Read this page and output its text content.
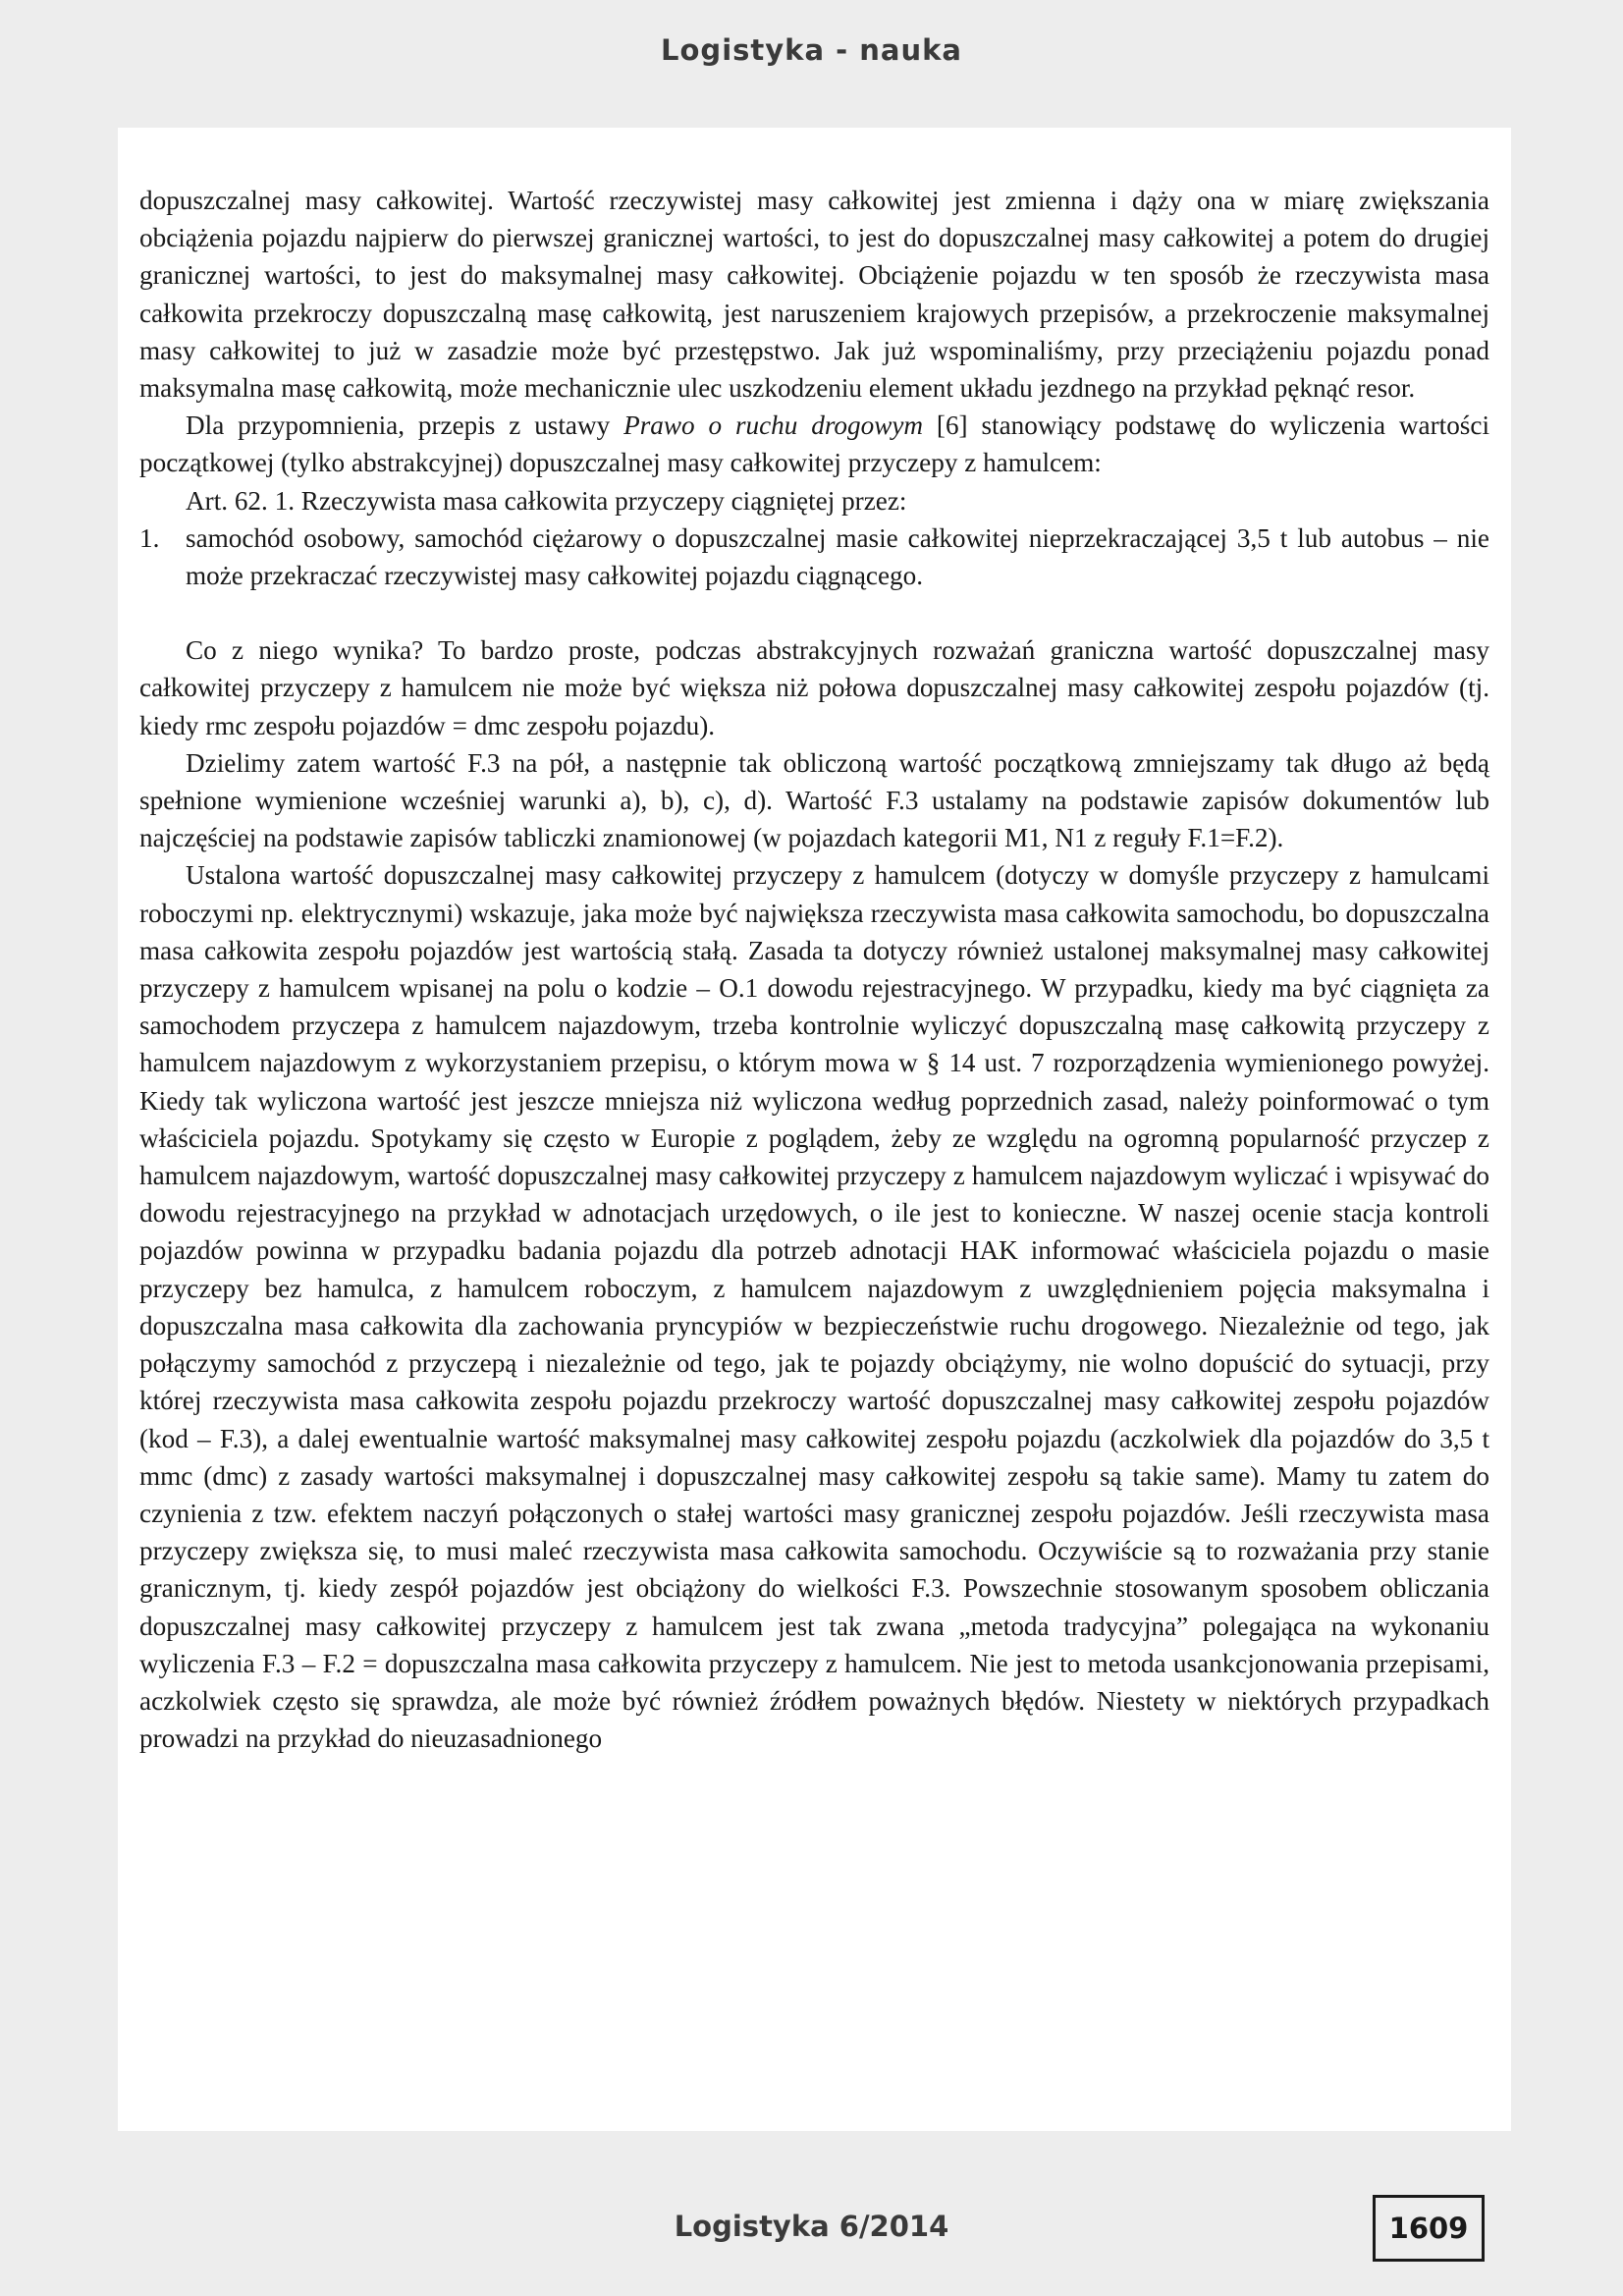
Logistyka - nauka

dopuszczalnej masy całkowitej. Wartość rzeczywistej masy całkowitej jest zmienna i dąży ona w miarę zwiększania obciążenia pojazdu najpierw do pierwszej granicznej wartości, to jest do dopuszczalnej masy całkowitej a potem do drugiej granicznej wartości, to jest do maksymalnej masy całkowitej. Obciążenie pojazdu w ten sposób że rzeczywista masa całkowita przekroczy dopuszczalną masę całkowitą, jest naruszeniem krajowych przepisów, a przekroczenie maksymalnej masy całkowitej to już w zasadzie może być przestępstwo. Jak już wspominaliśmy, przy przeciążeniu pojazdu ponad maksymalna masę całkowitą, może mechanicznie ulec uszkodzeniu element układu jezdnego na przykład pęknąć resor.

Dla przypomnienia, przepis z ustawy Prawo o ruchu drogowym [6] stanowiący podstawę do wyliczenia wartości początkowej (tylko abstrakcyjnej) dopuszczalnej masy całkowitej przyczepy z hamulcem:

Art. 62. 1. Rzeczywista masa całkowita przyczepy ciągniętej przez:

1. samochód osobowy, samochód ciężarowy o dopuszczalnej masie całkowitej nieprzekraczającej 3,5 t lub autobus – nie może przekraczać rzeczywistej masy całkowitej pojazdu ciągnącego.

Co z niego wynika? To bardzo proste, podczas abstrakcyjnych rozważań graniczna wartość dopuszczalnej masy całkowitej przyczepy z hamulcem nie może być większa niż połowa dopuszczalnej masy całkowitej zespołu pojazdów (tj. kiedy rmc zespołu pojazdów = dmc zespołu pojazdu).

Dzielimy zatem wartość F.3 na pół, a następnie tak obliczoną wartość początkową zmniejszamy tak długo aż będą spełnione wymienione wcześniej warunki a), b), c), d). Wartość F.3 ustalamy na podstawie zapisów dokumentów lub najczęściej na podstawie zapisów tabliczki znamionowej (w pojazdach kategorii M1, N1 z reguły F.1=F.2).

Ustalona wartość dopuszczalnej masy całkowitej przyczepy z hamulcem (dotyczy w domyśle przyczepy z hamulcami roboczymi np. elektrycznymi) wskazuje, jaka może być największa rzeczywista masa całkowita samochodu, bo dopuszczalna masa całkowita zespołu pojazdów jest wartością stałą. Zasada ta dotyczy również ustalonej maksymalnej masy całkowitej przyczepy z hamulcem wpisanej na polu o kodzie – O.1 dowodu rejestracyjnego. W przypadku, kiedy ma być ciągnięta za samochodem przyczepa z hamulcem najazdowym, trzeba kontrolnie wyliczyć dopuszczalną masę całkowitą przyczepy z hamulcem najazdowym z wykorzystaniem przepisu, o którym mowa w § 14 ust. 7 rozporządzenia wymienionego powyżej. Kiedy tak wyliczona wartość jest jeszcze mniejsza niż wyliczona według poprzednich zasad, należy poinformować o tym właściciela pojazdu. Spotykamy się często w Europie z poglądem, żeby ze względu na ogromną popularność przyczep z hamulcem najazdowym, wartość dopuszczalnej masy całkowitej przyczepy z hamulcem najazdowym wyliczać i wpisywać do dowodu rejestracyjnego na przykład w adnotacjach urzędowych, o ile jest to konieczne. W naszej ocenie stacja kontroli pojazdów powinna w przypadku badania pojazdu dla potrzeb adnotacji HAK informować właściciela pojazdu o masie przyczepy bez hamulca, z hamulcem roboczym, z hamulcem najazdowym z uwzględnieniem pojęcia maksymalna i dopuszczalna masa całkowita dla zachowania pryncypiów w bezpieczeństwie ruchu drogowego. Niezależnie od tego, jak połączymy samochód z przyczepą i niezależnie od tego, jak te pojazdy obciążymy, nie wolno dopuścić do sytuacji, przy której rzeczywista masa całkowita zespołu pojazdu przekroczy wartość dopuszczalnej masy całkowitej zespołu pojazdów (kod – F.3), a dalej ewentualnie wartość maksymalnej masy całkowitej zespołu pojazdu (aczkolwiek dla pojazdów do 3,5 t mmc (dmc) z zasady wartości maksymalnej i dopuszczalnej masy całkowitej zespołu są takie same). Mamy tu zatem do czynienia z tzw. efektem naczyń połączonych o stałej wartości masy granicznej zespołu pojazdów. Jeśli rzeczywista masa przyczepy zwiększa się, to musi maleć rzeczywista masa całkowita samochodu. Oczywiście są to rozważania przy stanie granicznym, tj. kiedy zespół pojazdów jest obciążony do wielkości F.3. Powszechnie stosowanym sposobem obliczania dopuszczalnej masy całkowitej przyczepy z hamulcem jest tak zwana „metoda tradycyjna” polegająca na wykonaniu wyliczenia F.3 – F.2 = dopuszczalna masa całkowita przyczepy z hamulcem. Nie jest to metoda usankcjonowania przepisami, aczkolwiek często się sprawdza, ale może być również źródłem poważnych błędów. Niestety w niektórych przypadkach prowadzi na przykład do nieuzasadnionego

Logistyka 6/2014	1609
